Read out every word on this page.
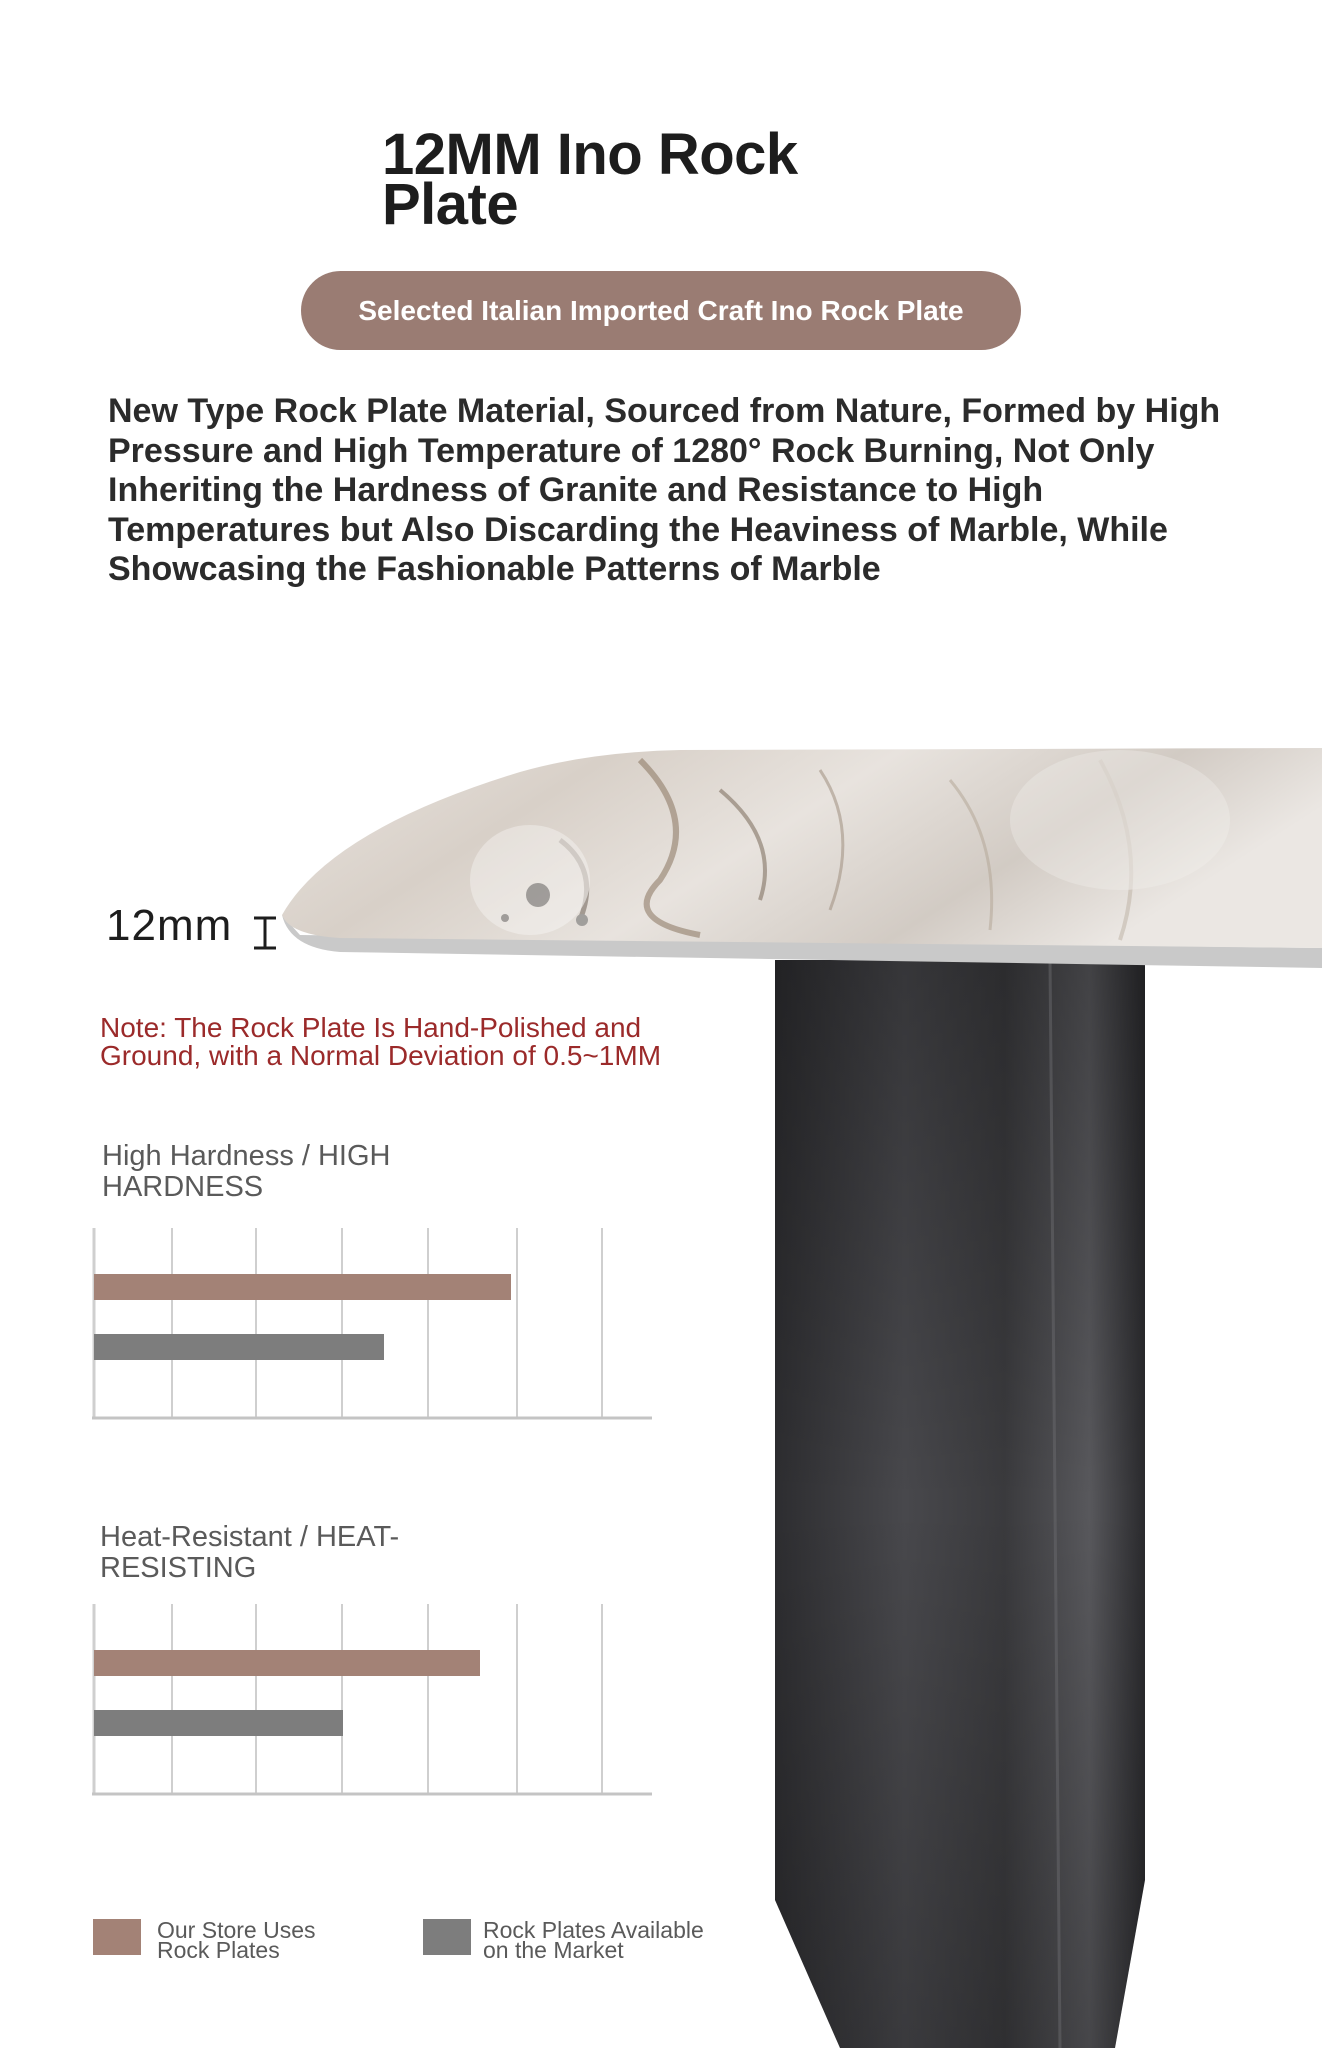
12MM Ino Rock
Plate
Selected Italian Imported Craft Ino Rock Plate
New Type Rock Plate Material, Sourced from Nature, Formed by High Pressure and High Temperature of 1280° Rock Burning, Not Only Inheriting the Hardness of Granite and Resistance to High Temperatures but Also Discarding the Heaviness of Marble, While Showcasing the Fashionable Patterns of Marble
12mm
Note: The Rock Plate Is Hand-Polished and Ground, with a Normal Deviation of 0.5~1MM
High Hardness / HIGH HARDNESS
Heat-Resistant / HEAT-RESISTING
Our Store Uses Rock Plates
Rock Plates Available on the Market
